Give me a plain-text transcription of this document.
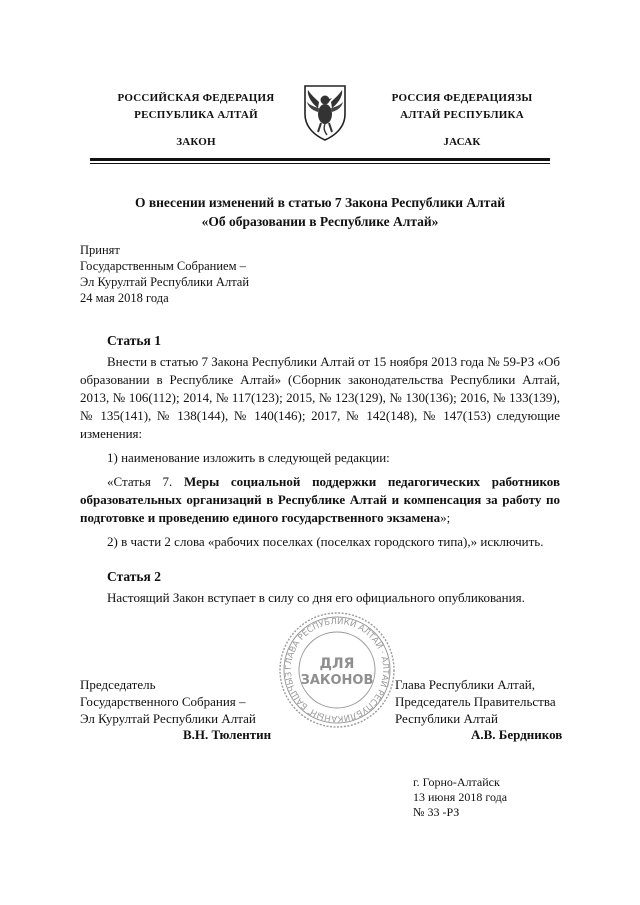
РОССИЙСКАЯ ФЕДЕРАЦИЯ
РЕСПУБЛИКА АЛТАЙ
ЗАКОН
РОССИЯ ФЕДЕРАЦИЯЗЫ
АЛТАЙ РЕСПУБЛИКА
JАСАК
О внесении изменений в статью 7 Закона Республики Алтай
«Об образовании в Республике Алтай»
Принят
Государственным Собранием –
Эл Курултай Республики Алтай
24 мая 2018 года
Статья 1

Внести в статью 7 Закона Республики Алтай от 15 ноября 2013 года № 59-РЗ «Об образовании в Республике Алтай» (Сборник законодательства Республики Алтай, 2013, № 106(112); 2014, № 117(123); 2015, № 123(129), № 130(136); 2016, № 133(139), № 135(141), № 138(144), № 140(146); 2017, № 142(148), № 147(153) следующие изменения:

1) наименование изложить в следующей редакции:

«Статья 7. Меры социальной поддержки педагогических работников образовательных организаций в Республике Алтай и компенсация за работу по подготовке и проведению единого государственного экзамена»;

2) в части 2 слова «рабочих поселках (поселках городского типа),» исключить.

Статья 2

Настоящий Закон вступает в силу со дня его официального опубликования.

ГЛАВА РЕСПУБЛИКИ АЛТАЙ · АЛТАЙ РЕСПУБЛИКАНЫҤ БАШЧЫЗ
ДЛЯ
ЗАКОНОВ
Председатель
Государственного Собрания –
Эл Курултай Республики Алтай
В.Н. Тюлентин
Глава Республики Алтай,
Председатель Правительства
Республики Алтай
А.В. Бердников
г. Горно-Алтайск
13 июня 2018 года
№ 33 -РЗ
